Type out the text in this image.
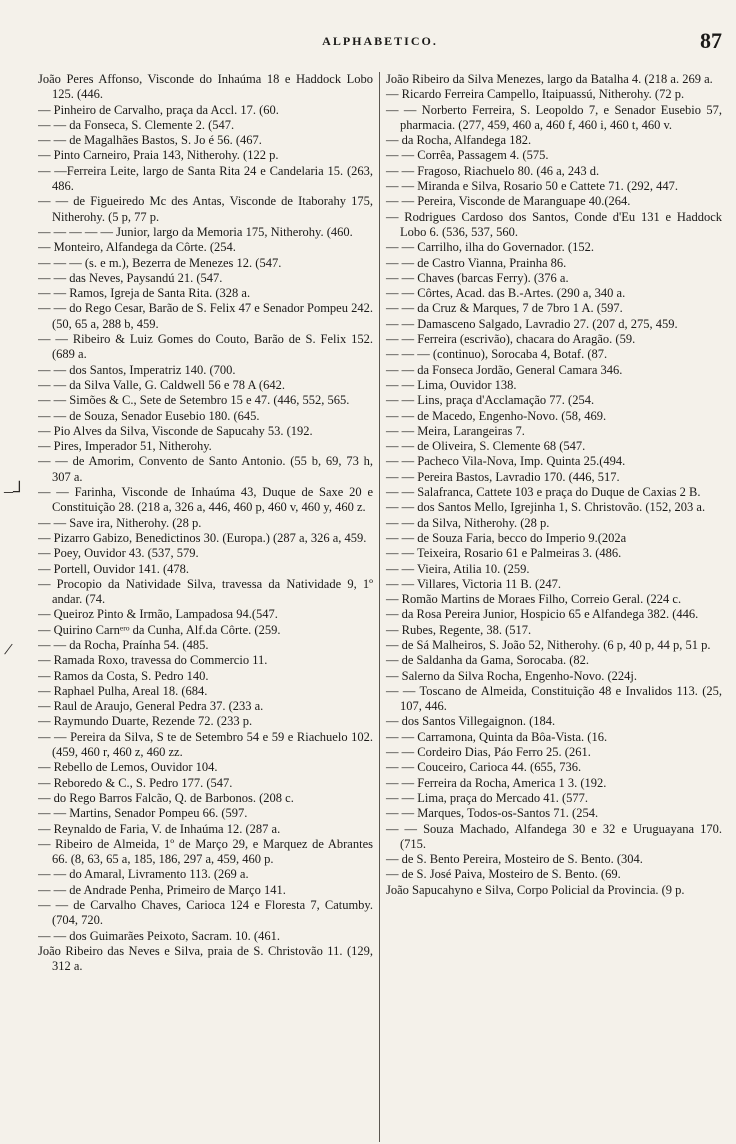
ALPHABETICO.	87
João Peres Affonso, Visconde do Inhaúma 18 e Haddock Lobo 125. (446.
— Pinheiro de Carvalho, praça da Accl. 17. (60.
— — da Fonseca, S. Clemente 2. (547.
— — de Magalhães Bastos, S. Jo é 56. (467.
— Pinto Carneiro, Praia 143, Nitherohy. (122 p.
— —Ferreira Leite, largo de Santa Rita 24 e Candelaria 15. (263, 486.
— — de Figueiredo Mc des Antas, Visconde de Itaborahy 175, Nitherohy. (5 p, 77 p.
— — — — — Junior, largo da Memoria 175, Nitherohy. (460.
— Monteiro, Alfandega da Côrte. (254.
— — — (s. e m.), Bezerra de Menezes 12. (547.
— — das Neves, Paysandú 21. (547.
— — Ramos, Igreja de Santa Rita. (328 a.
— — do Rego Cesar, Barão de S. Felix 47 e Senador Pompeu 242.(50, 65 a, 288 b, 459.
— — Ribeiro & Luiz Gomes do Couto, Barão de S. Felix 152. (689 a.
— — dos Santos, Imperatriz 140. (700.
— — da Silva Valle, G. Caldwell 56 e 78 A (642.
— — Simões & C., Sete de Setembro 15 e 47. (446, 552, 565.
— — de Souza, Senador Eusebio 180. (645.
— Pio Alves da Silva, Visconde de Sapucahy 53. (192.
— Pires, Imperador 51, Nitherohy.
— — de Amorim, Convento de Santo Antonio. (55 b, 69, 73 h, 307 a.
— — Farinha, Visconde de Inhaúma 43, Duque de Saxe 20 e Constituição 28. (218 a, 326 a, 446, 460 p, 460 v, 460 y, 460 z.
— — Save ira, Nitherohy. (28 p.
— Pizarro Gabizo, Benedictinos 30. (Europa.) (287 a, 326 a, 459.
— Poey, Ouvidor 43. (537, 579.
— Portell, Ouvidor 141. (478.
— Procopio da Natividade Silva, travessa da Natividade 9, 1º andar. (74.
— Queiroz Pinto & Irmão, Lampadosa 94.(547.
— Quirino Carnᵉʳᵒ da Cunha, Alf.da Côrte. (259.
— — da Rocha, Praínha 54. (485.
— Ramada Roxo, travessa do Commercio 11.
— Ramos da Costa, S. Pedro 140.
— Raphael Pulha, Areal 18. (684.
— Raul de Araujo, General Pedra 37. (233 a.
— Raymundo Duarte, Rezende 72. (233 p.
— — Pereira da Silva, S te de Setembro 54 e 59 e Riachuelo 102. (459, 460 r, 460 z, 460 zz.
— Rebello de Lemos, Ouvidor 104.
— Reboredo & C., S. Pedro 177. (547.
— do Rego Barros Falcão, Q. de Barbonos. (208 c.
— — Martins, Senador Pompeu 66. (597.
— Reynaldo de Faria, V. de Inhaúma 12. (287 a.
— Ribeiro de Almeida, 1º de Março 29, e Marquez de Abrantes 66. (8, 63, 65 a, 185, 186, 297 a, 459, 460 p.
— — do Amaral, Livramento 113. (269 a.
— — de Andrade Penha, Primeiro de Março 141.
— — de Carvalho Chaves, Carioca 124 e Floresta 7, Catumby. (704, 720.
— — dos Guimarães Peixoto, Sacram. 10. (461.
João Ribeiro das Neves e Silva, praia de S. Christovão 11. (129, 312 a.
João Ribeiro da Silva Menezes, largo da Batalha 4. (218 a. 269 a.
— Ricardo Ferreira Campello, Itaipuassú, Nitherohy. (72 p.
— — Norberto Ferreira, S. Leopoldo 7, e Senador Eusebio 57, pharmacia. (277, 459, 460 a, 460 f, 460 i, 460 t, 460 v.
— da Rocha, Alfandega 182.
— — Corrêa, Passagem 4. (575.
— — Fragoso, Riachuelo 80. (46 a, 243 d.
— — Miranda e Silva, Rosario 50 e Cattete 71. (292, 447.
— — Pereira, Visconde de Maranguape 40.(264.
— Rodrigues Cardoso dos Santos, Conde d'Eu 131 e Haddock Lobo 6. (536, 537, 560.
— — Carrilho, ilha do Governador. (152.
— — de Castro Vianna, Prainha 86.
— — Chaves (barcas Ferry). (376 a.
— — Côrtes, Acad. das B.-Artes. (290 a, 340 a.
— — da Cruz & Marques, 7 de 7bro 1 A. (597.
— — Damasceno Salgado, Lavradio 27. (207 d, 275, 459.
— — Ferreira (escrivão), chacara do Aragão. (59.
— — — (continuo), Sorocaba 4, Botaf. (87.
— — da Fonseca Jordão, General Camara 346.
— — Lima, Ouvidor 138.
— — Lins, praça d'Acclamação 77. (254.
— — de Macedo, Engenho-Novo. (58, 469.
— — Meira, Larangeiras 7.
— — de Oliveira, S. Clemente 68 (547.
— — Pacheco Vila-Nova, Imp. Quinta 25.(494.
— — Pereira Bastos, Lavradio 170. (446, 517.
— — Salafranca, Cattete 103 e praça do Duque de Caxias 2 B.
— — dos Santos Mello, Igrejinha 1, S. Christovão. (152, 203 a.
— — da Silva, Nitherohy. (28 p.
— — de Souza Faria, becco do Imperio 9.(202a
— — Teixeira, Rosario 61 e Palmeiras 3. (486.
— — Vieira, Atilia 10. (259.
— — Villares, Victoria 11 B. (247.
— Romão Martins de Moraes Filho, Correio Geral. (224 c.
— da Rosa Pereira Junior, Hospicio 65 e Alfandega 382. (446.
— Rubes, Regente, 38. (517.
— de Sá Malheiros, S. João 52, Nitherohy. (6 p, 40 p, 44 p, 51 p.
— de Saldanha da Gama, Sorocaba. (82.
— Salerno da Silva Rocha, Engenho-Novo. (224j.
— — Toscano de Almeida, Constituição 48 e Invalidos 113. (25, 107, 446.
— dos Santos Villegaignon. (184.
— — Carramona, Quinta da Bôa-Vista. (16.
— — Cordeiro Dias, Páo Ferro 25. (261.
— — Couceiro, Carioca 44. (655, 736.
— — Ferreira da Rocha, America 1 3. (192.
— — Lima, praça do Mercado 41. (577.
— — Marques, Todos-os-Santos 71. (254.
— — Souza Machado, Alfandega 30 e 32 e Uruguayana 170. (715.
— de S. Bento Pereira, Mosteiro de S. Bento. (304.
— de S. José Paiva, Mosteiro de S. Bento. (69.
João Sapucahyno e Silva, Corpo Policial da Provincia. (9 p.
–┘
/
